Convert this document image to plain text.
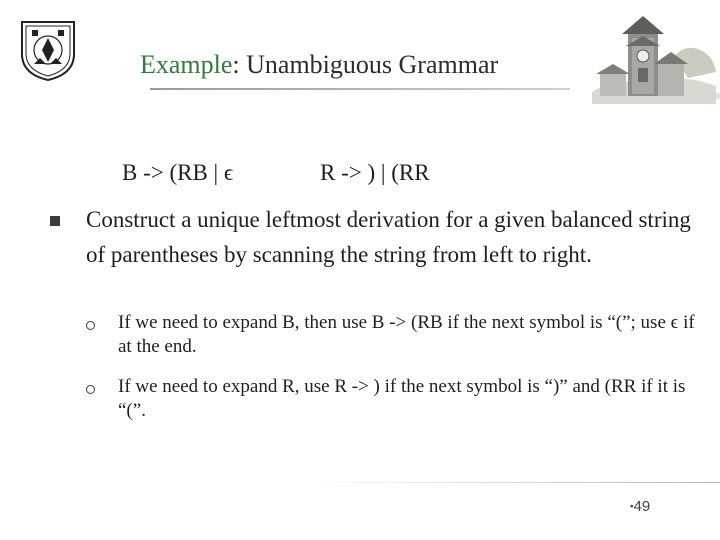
Example: Unambiguous Grammar
B -> (RB | ϵ	R -> ) | (RR
Construct a unique leftmost derivation for a given balanced string of parentheses by scanning the string from left to right.
If we need to expand B, then use B -> (RB if the next symbol is “(”; use ϵ if at the end.
If we need to expand R, use R -> ) if the next symbol is “)” and (RR if it is “(”.
•49
